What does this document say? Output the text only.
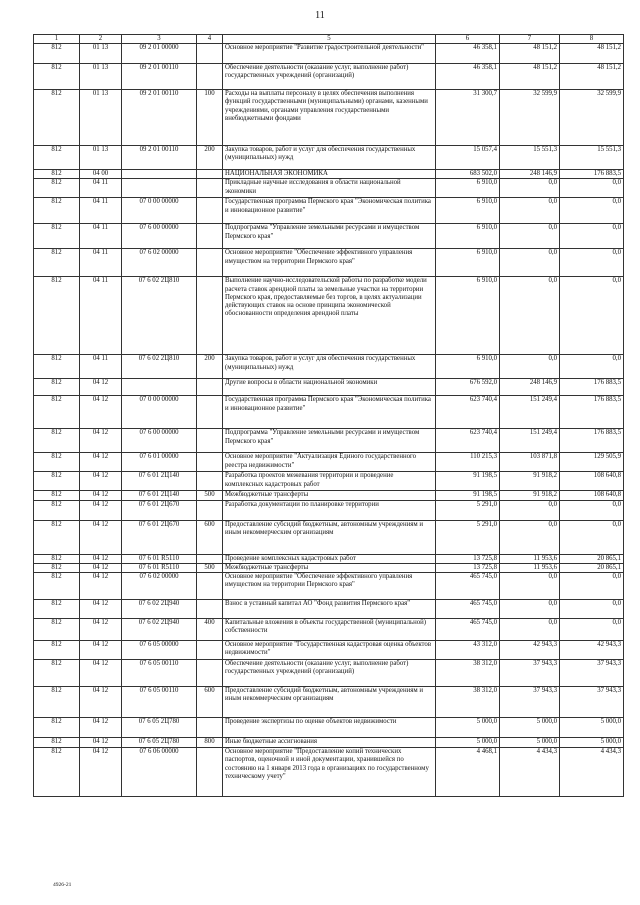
11
1	2	3	4	5	6	7	8
812	01 13	09 2 01 00000		Основное мероприятие "Развитие градостроительной деятельности"	46 358,1	48 151,2	48 151,2
812	01 13	09 2 01 00110		Обеспечение деятельности (оказание услуг, выполнение работ) государственных учреждений (организаций)	46 358,1	48 151,2	48 151,2
812	01 13	09 2 01 00110	100	Расходы на выплаты персоналу в целях обеспечения выполнения функций государственными (муниципальными) органами, казенными учреждениями, органами управления государственными внебюджетными фондами	31 300,7	32 599,9	32 599,9
812	01 13	09 2 01 00110	200	Закупка товаров, работ и услуг для обеспечения государственных (муниципальных) нужд	15 057,4	15 551,3	15 551,3
812	04 00			НАЦИОНАЛЬНАЯ ЭКОНОМИКА	683 502,0	248 146,9	176 883,5
812	04 11			Прикладные научные исследования в области национальной экономики	6 910,0	0,0	0,0
812	04 11	07 0 00 00000		Государственная программа Пермского края "Экономическая политика и инновационное развитие"	6 910,0	0,0	0,0
812	04 11	07 6 00 00000		Подпрограмма "Управление земельными ресурсами и имуществом Пермского края"	6 910,0	0,0	0,0
812	04 11	07 6 02 00000		Основное мероприятие "Обеспечение эффективного управления имуществом на территории Пермского края"	6 910,0	0,0	0,0
812	04 11	07 6 02 2Ц810		Выполнение научно-исследовательской работы по разработке модели расчета ставок арендной платы за земельные участки на территории Пермского края, предоставляемые без торгов, в целях актуализации действующих ставок на основе принципа экономической обоснованности определения арендной платы	6 910,0	0,0	0,0
812	04 11	07 6 02 2Ц810	200	Закупка товаров, работ и услуг для обеспечения государственных (муниципальных) нужд	6 910,0	0,0	0,0
812	04 12			Другие вопросы в области национальной экономики	676 592,0	248 146,9	176 883,5
812	04 12	07 0 00 00000		Государственная программа Пермского края "Экономическая политика и инновационное развитие"	623 740,4	151 249,4	176 883,5
812	04 12	07 6 00 00000		Подпрограмма "Управление земельными ресурсами и имуществом Пермского края"	623 740,4	151 249,4	176 883,5
812	04 12	07 6 01 00000		Основное мероприятие "Актуализация Единого государственного реестра недвижимости"	110 215,3	103 871,8	129 505,9
812	04 12	07 6 01 2Ц140		Разработка проектов межевания территории и проведение комплексных кадастровых работ	91 198,5	91 918,2	108 640,8
812	04 12	07 6 01 2Ц140	500	Межбюджетные трансферты	91 198,5	91 918,2	108 640,8
812	04 12	07 6 01 2Ц670		Разработка документации по планировке территории	5 291,0	0,0	0,0
812	04 12	07 6 01 2Ц670	600	Предоставление субсидий бюджетным, автономным учреждениям и иным некоммерческим организациям	5 291,0	0,0	0,0
812	04 12	07 6 01 R5110		Проведение комплексных кадастровых работ	13 725,8	11 953,6	20 865,1
812	04 12	07 6 01 R5110	500	Межбюджетные трансферты	13 725,8	11 953,6	20 865,1
812	04 12	07 6 02 00000		Основное мероприятие "Обеспечение эффективного управления имуществом на территории Пермского края"	465 745,0	0,0	0,0
812	04 12	07 6 02 2Ц940		Взнос в уставный капитал АО "Фонд развития Пермского края"	465 745,0	0,0	0,0
812	04 12	07 6 02 2Ц940	400	Капитальные вложения в объекты государственной (муниципальной) собственности	465 745,0	0,0	0,0
812	04 12	07 6 05 00000		Основное мероприятие "Государственная кадастровая оценка объектов недвижимости"	43 312,0	42 943,3	42 943,3
812	04 12	07 6 05 00110		Обеспечение деятельности (оказание услуг, выполнение работ) государственных учреждений (организаций)	38 312,0	37 943,3	37 943,3
812	04 12	07 6 05 00110	600	Предоставление субсидий бюджетным, автономным учреждениям и иным некоммерческим организациям	38 312,0	37 943,3	37 943,3
812	04 12	07 6 05 2Ц780		Проведение экспертизы по оценке объектов недвижимости	5 000,0	5 000,0	5 000,0
812	04 12	07 6 05 2Ц780	800	Иные бюджетные ассигнования	5 000,0	5 000,0	5 000,0
812	04 12	07 6 06 00000		Основное мероприятие "Предоставление копий технических паспортов, оценочной и иной документации, хранившейся по состоянию на 1 января 2013 года в организациях по государственному техническому учету"	4 468,1	4 434,3	4 434,3
4926-21
